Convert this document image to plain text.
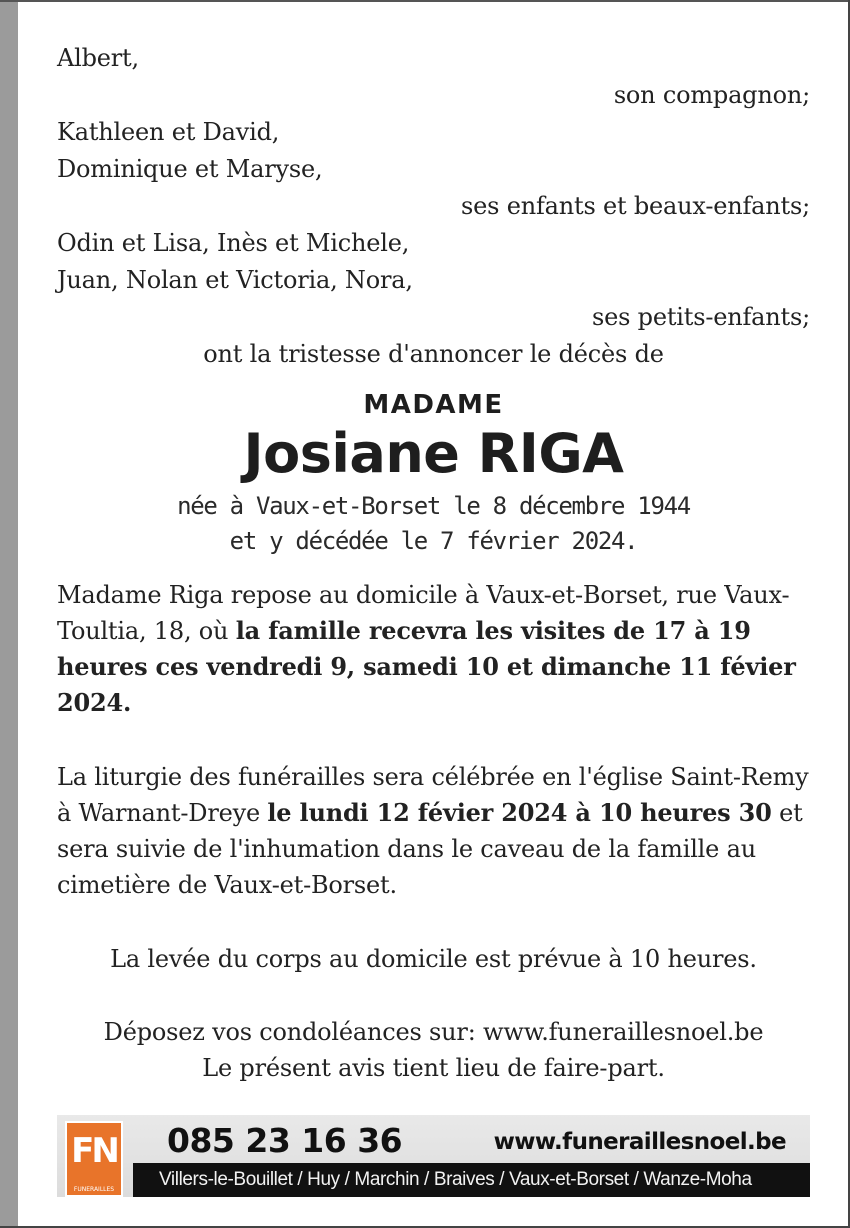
Albert,
son compagnon;
Kathleen et David,
Dominique et Maryse,
ses enfants et beaux-enfants;
Odin et Lisa, Inès et Michele,
Juan, Nolan et Victoria, Nora,
ses petits-enfants;
ont la tristesse d'annoncer le décès de
MADAME
Josiane RIGA
née à Vaux-et-Borset le 8 décembre 1944
et y décédée le 7 février 2024.
Madame Riga repose au domicile à Vaux-et-Borset, rue Vaux-Toultia, 18, où la famille recevra les visites de 17 à 19 heures ces vendredi 9, samedi 10 et dimanche 11 févier 2024.
La liturgie des funérailles sera célébrée en l'église Saint-Remy à Warnant-Dreye le lundi 12 févier 2024 à 10 heures 30 et sera suivie de l'inhumation dans le caveau de la famille au cimetière de Vaux-et-Borset.
La levée du corps au domicile est prévue à 10 heures.
Déposez vos condoléances sur: www.funeraillesnoel.be
Le présent avis tient lieu de faire-part.
FN
FUNERAILLES
085 23 16 36	www.funeraillesnoel.be
Villers-le-Bouillet / Huy / Marchin / Braives / Vaux-et-Borset / Wanze-Moha
